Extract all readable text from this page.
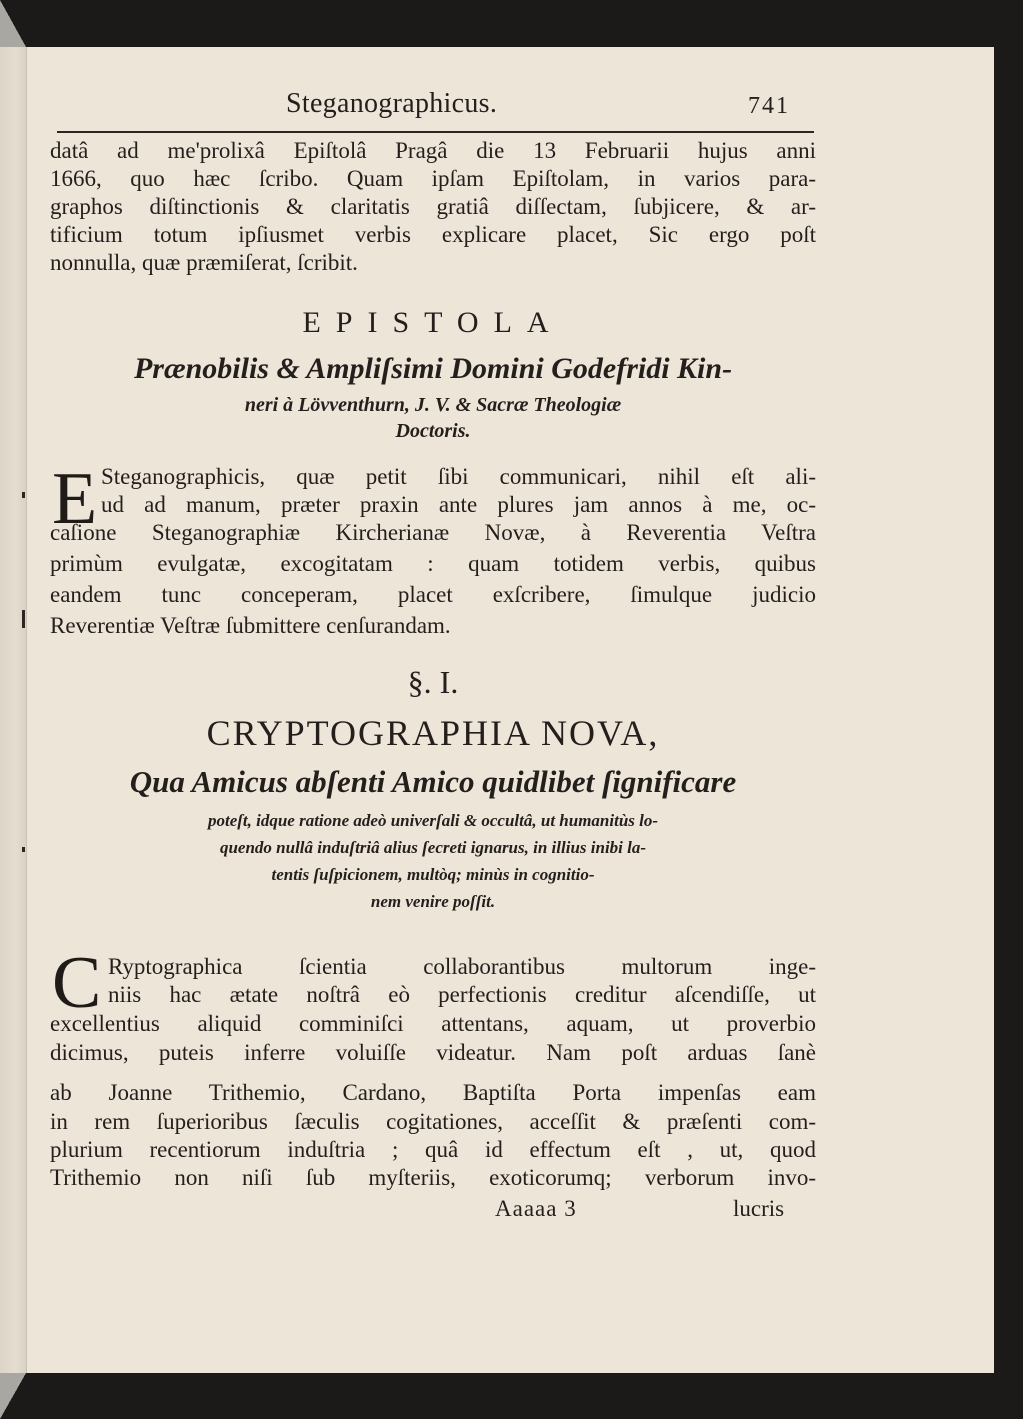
Steganographicus.	741
datâ ad me'prolixâ Epiſtolâ Pragâ die 13 Februarii hujus anni
1666, quo hæc ſcribo. Quam ipſam Epiſtolam, in varios para-
graphos diſtinctionis & claritatis gratiâ diſſectam, ſubjicere, & ar-
tificium totum ipſiusmet verbis explicare placet, Sic ergo poſt
nonnulla, quæ præmiſerat, ſcribit.
EPISTOLA
Prænobilis & Ampliſsimi Domini Godefridi Kin-
neri à Lövventhurn, J. V. & Sacræ Theologiæ
Doctoris.
E Steganographicis, quæ petit ſibi communicari, nihil eſt ali-
ud ad manum, præter praxin ante plures jam annos à me, oc-
caſione Steganographiæ Kircherianæ Novæ, à Reverentia Veſtra
primùm evulgatæ, excogitatam : quam totidem verbis, quibus
eandem tunc conceperam, placet exſcribere, ſimulque judicio
Reverentiæ Veſtræ ſubmittere cenſurandam.
§. I.
CRYPTOGRAPHIA NOVA,
Qua Amicus abſenti Amico quidlibet ſignificare
poteſt, idque ratione adeò univerſali & occultâ, ut humanitùs lo-
quendo nullâ induſtriâ alius ſecreti ignarus, in illius inibi la-
tentis ſuſpicionem, multòq; minùs in cognitio-
nem venire poſſit.
C Ryptographica ſcientia collaborantibus multorum inge-
niis hac ætate noſtrâ eò perfectionis creditur aſcendiſſe, ut
excellentius aliquid comminiſci attentans, aquam, ut proverbio
dicimus, puteis inferre voluiſſe videatur. Nam poſt arduas ſanè
ab Joanne Trithemio, Cardano, Baptiſta Porta impenſas eam
in rem ſuperioribus ſæculis cogitationes, acceſſit & præſenti com-
plurium recentiorum induſtria ; quâ id effectum eſt , ut, quod
Trithemio non niſi ſub myſteriis, exoticorumq; verborum invo-
Aaaaa 3	lucris
